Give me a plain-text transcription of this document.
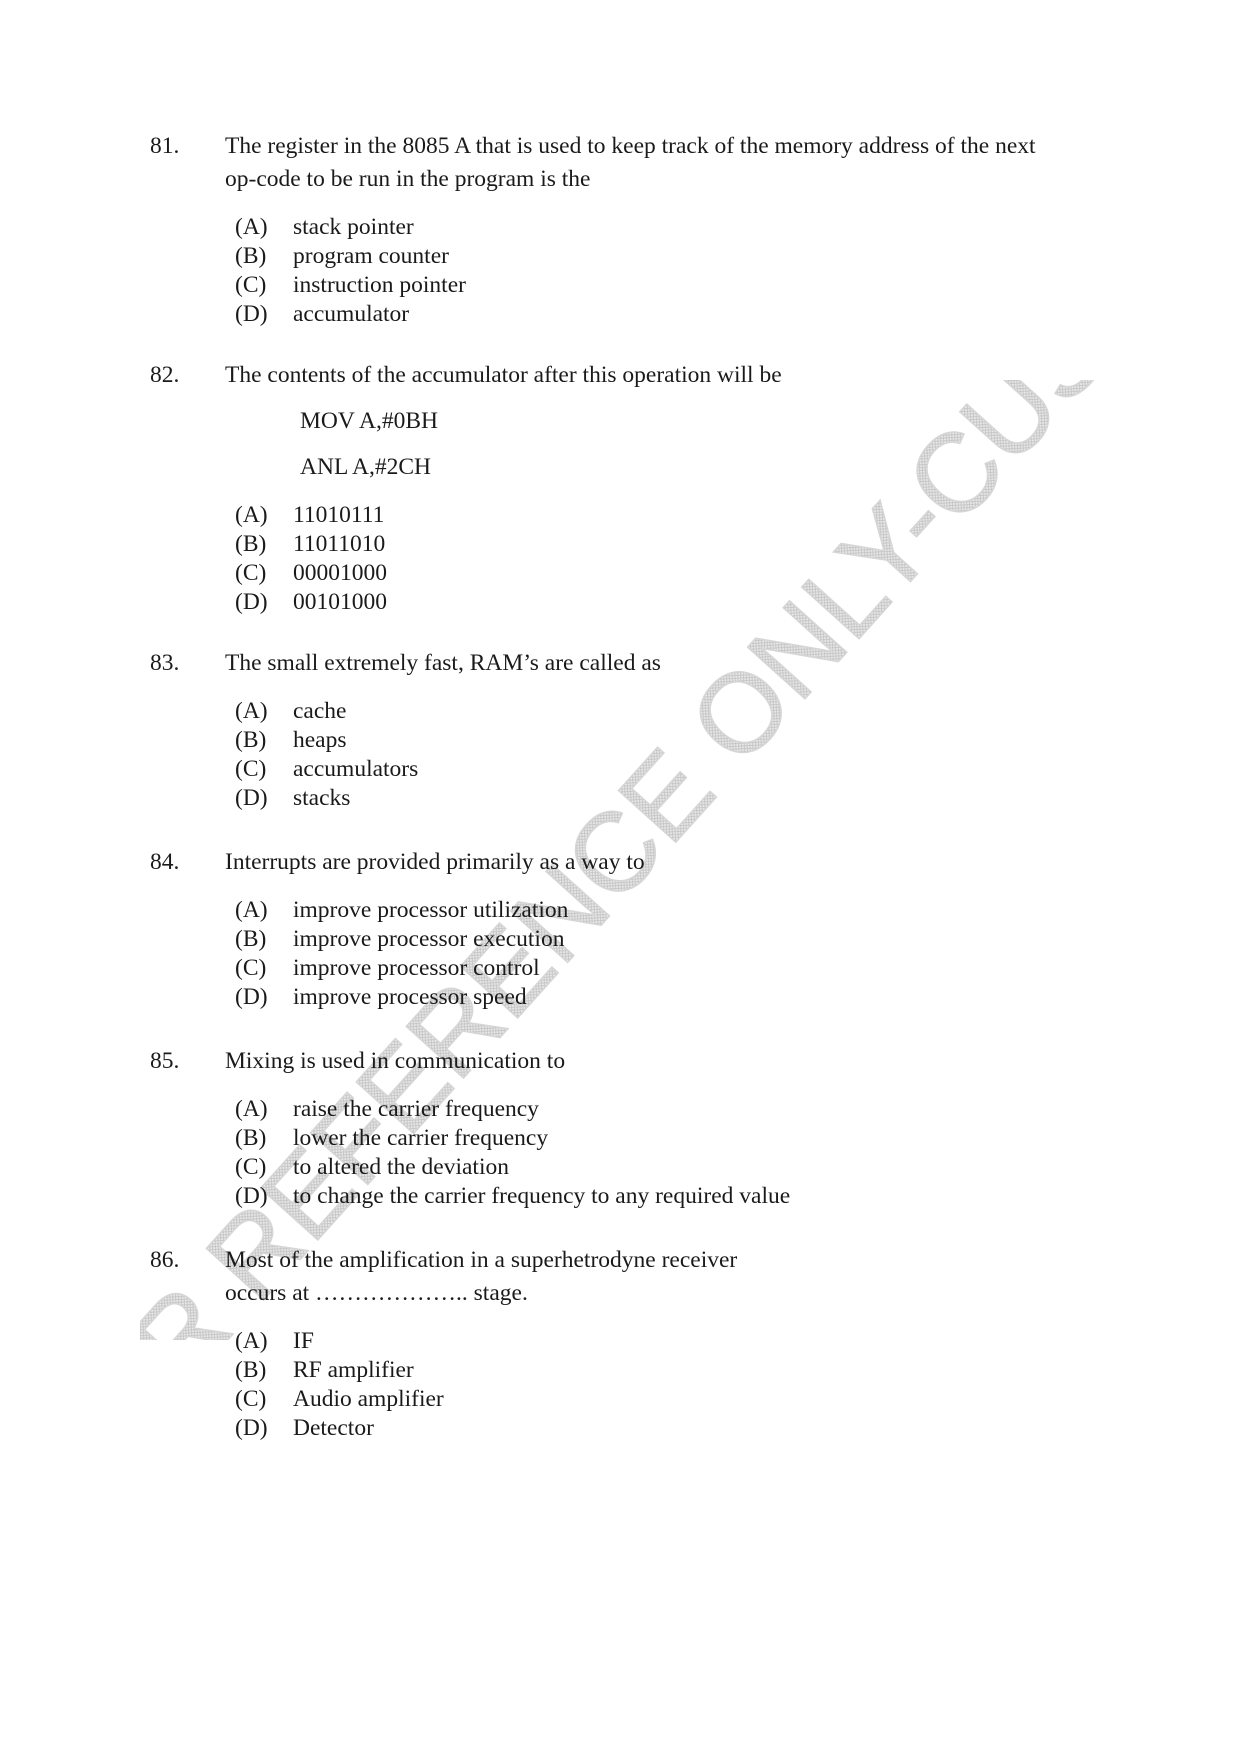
REFERENCE ONLY-CUSAT
81. The register in the 8085 A that is used to keep track of the memory address of the next
op-code to be run in the program is the
(A) stack pointer
(B) program counter
(C) instruction pointer
(D) accumulator
82. The contents of the accumulator after this operation will be
MOV A,#0BH
ANL A,#2CH
(A) 11010111
(B) 11011010
(C) 00001000
(D) 00101000
83. The small extremely fast, RAM’s are called as
(A) cache
(B) heaps
(C) accumulators
(D) stacks
84. Interrupts are provided primarily as a way to
(A) improve processor utilization
(B) improve processor execution
(C) improve processor control
(D) improve processor speed
85. Mixing is used in communication to
(A) raise the carrier frequency
(B) lower the carrier frequency
(C) to altered the deviation
(D) to change the carrier frequency to any required value
86. Most of the amplification in a superhetrodyne receiver
occurs at ……………….. stage.
(A) IF
(B) RF amplifier
(C) Audio amplifier
(D) Detector
